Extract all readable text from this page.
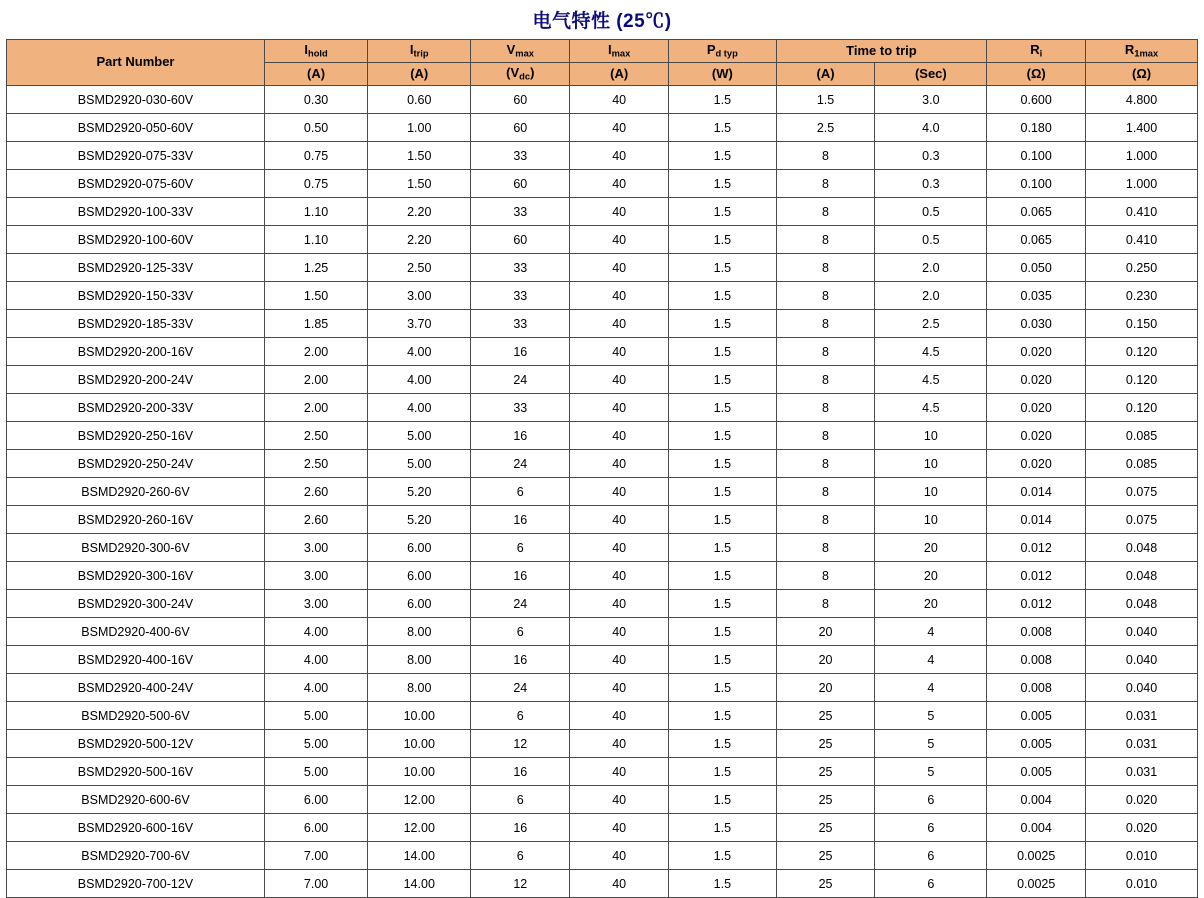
电气特性 (25℃)
Part Number	$I_{hold}$	$I_{trip}$	$V_{max}$	$I_{max}$	$P_{d typ}$	Time to trip		$R_i$	$R_{1max}$
	(A)	(A)	$(V_{dc})$	(A)	(W)	(A)	(Sec)	(Ω)	(Ω)
BSMD2920-030-60V	0.30	0.60	60	40	1.5	1.5	3.0	0.600	4.800
BSMD2920-050-60V	0.50	1.00	60	40	1.5	2.5	4.0	0.180	1.400
BSMD2920-075-33V	0.75	1.50	33	40	1.5	8	0.3	0.100	1.000
BSMD2920-075-60V	0.75	1.50	60	40	1.5	8	0.3	0.100	1.000
BSMD2920-100-33V	1.10	2.20	33	40	1.5	8	0.5	0.065	0.410
BSMD2920-100-60V	1.10	2.20	60	40	1.5	8	0.5	0.065	0.410
BSMD2920-125-33V	1.25	2.50	33	40	1.5	8	2.0	0.050	0.250
BSMD2920-150-33V	1.50	3.00	33	40	1.5	8	2.0	0.035	0.230
BSMD2920-185-33V	1.85	3.70	33	40	1.5	8	2.5	0.030	0.150
BSMD2920-200-16V	2.00	4.00	16	40	1.5	8	4.5	0.020	0.120
BSMD2920-200-24V	2.00	4.00	24	40	1.5	8	4.5	0.020	0.120
BSMD2920-200-33V	2.00	4.00	33	40	1.5	8	4.5	0.020	0.120
BSMD2920-250-16V	2.50	5.00	16	40	1.5	8	10	0.020	0.085
BSMD2920-250-24V	2.50	5.00	24	40	1.5	8	10	0.020	0.085
BSMD2920-260-6V	2.60	5.20	6	40	1.5	8	10	0.014	0.075
BSMD2920-260-16V	2.60	5.20	16	40	1.5	8	10	0.014	0.075
BSMD2920-300-6V	3.00	6.00	6	40	1.5	8	20	0.012	0.048
BSMD2920-300-16V	3.00	6.00	16	40	1.5	8	20	0.012	0.048
BSMD2920-300-24V	3.00	6.00	24	40	1.5	8	20	0.012	0.048
BSMD2920-400-6V	4.00	8.00	6	40	1.5	20	4	0.008	0.040
BSMD2920-400-16V	4.00	8.00	16	40	1.5	20	4	0.008	0.040
BSMD2920-400-24V	4.00	8.00	24	40	1.5	20	4	0.008	0.040
BSMD2920-500-6V	5.00	10.00	6	40	1.5	25	5	0.005	0.031
BSMD2920-500-12V	5.00	10.00	12	40	1.5	25	5	0.005	0.031
BSMD2920-500-16V	5.00	10.00	16	40	1.5	25	5	0.005	0.031
BSMD2920-600-6V	6.00	12.00	6	40	1.5	25	6	0.004	0.020
BSMD2920-600-16V	6.00	12.00	16	40	1.5	25	6	0.004	0.020
BSMD2920-700-6V	7.00	14.00	6	40	1.5	25	6	0.0025	0.010
BSMD2920-700-12V	7.00	14.00	12	40	1.5	25	6	0.0025	0.010
